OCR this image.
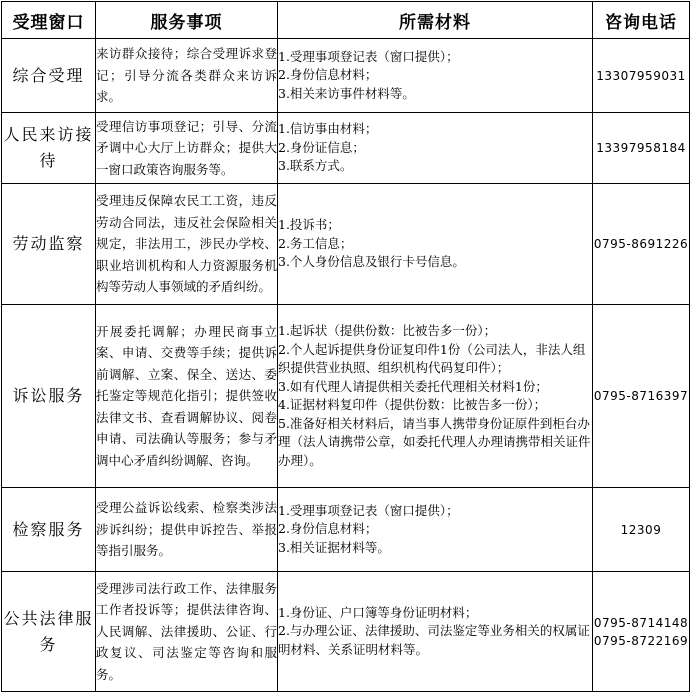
受理窗口	服务事项	所需材料	咨询电话
综合受理	来访群众接待；综合受理诉求登记；引导分流各类群众来访诉求。	1.受理事项登记表（窗口提供）；
2.身份信息材料；
3.相关来访事件材料等。	13307959031

人民来访接待	受理信访事项登记；引导、分流矛调中心大厅上访群众；提供大一窗口政策咨询服务等。	1.信访事由材料；
2.身份证信息；
3.联系方式。	13397958184

劳动监察	受理违反保障农民工工资，违反劳动合同法，违反社会保险相关规定，非法用工，涉民办学校、职业培训机构和人力资源服务机构等劳动人事领域的矛盾纠纷。	1.投诉书；
2.务工信息；
3.个人身份信息及银行卡号信息。	0795-8691226

诉讼服务	开展委托调解；办理民商事立案、申请、交费等手续；提供诉前调解、立案、保全、送达、委托鉴定等规范化指引；提供签收法律文书、查看调解协议、阅卷申请、司法确认等服务；参与矛调中心矛盾纠纷调解、咨询。	1.起诉状（提供份数：比被告多一份）；
2.个人起诉提供身份证复印件1份（公司法人，非法人组织提供营业执照、组织机构代码复印件）；
3.如有代理人请提供相关委托代理相关材料1份；
4.证据材料复印件（提供份数：比被告多一份）；
5.准备好相关材料后，请当事人携带身份证原件到柜台办理（法人请携带公章，如委托代理人办理请携带相关证件办理）。	0795-8716397

检察服务	受理公益诉讼线索、检察类涉法涉诉纠纷；提供申诉控告、举报等指引服务。	1.受理事项登记表（窗口提供）；
2.身份信息材料；
3.相关证据材料等。	12309

公共法律服务	受理涉司法行政工作、法律服务工作者投诉等；提供法律咨询、人民调解、法律援助、公证、行政复议、司法鉴定等咨询和服务。	1.身份证、户口簿等身份证明材料；
2.与办理公证、法律援助、司法鉴定等业务相关的权属证明材料、关系证明材料等。	0795-8714148
0795-8722169
